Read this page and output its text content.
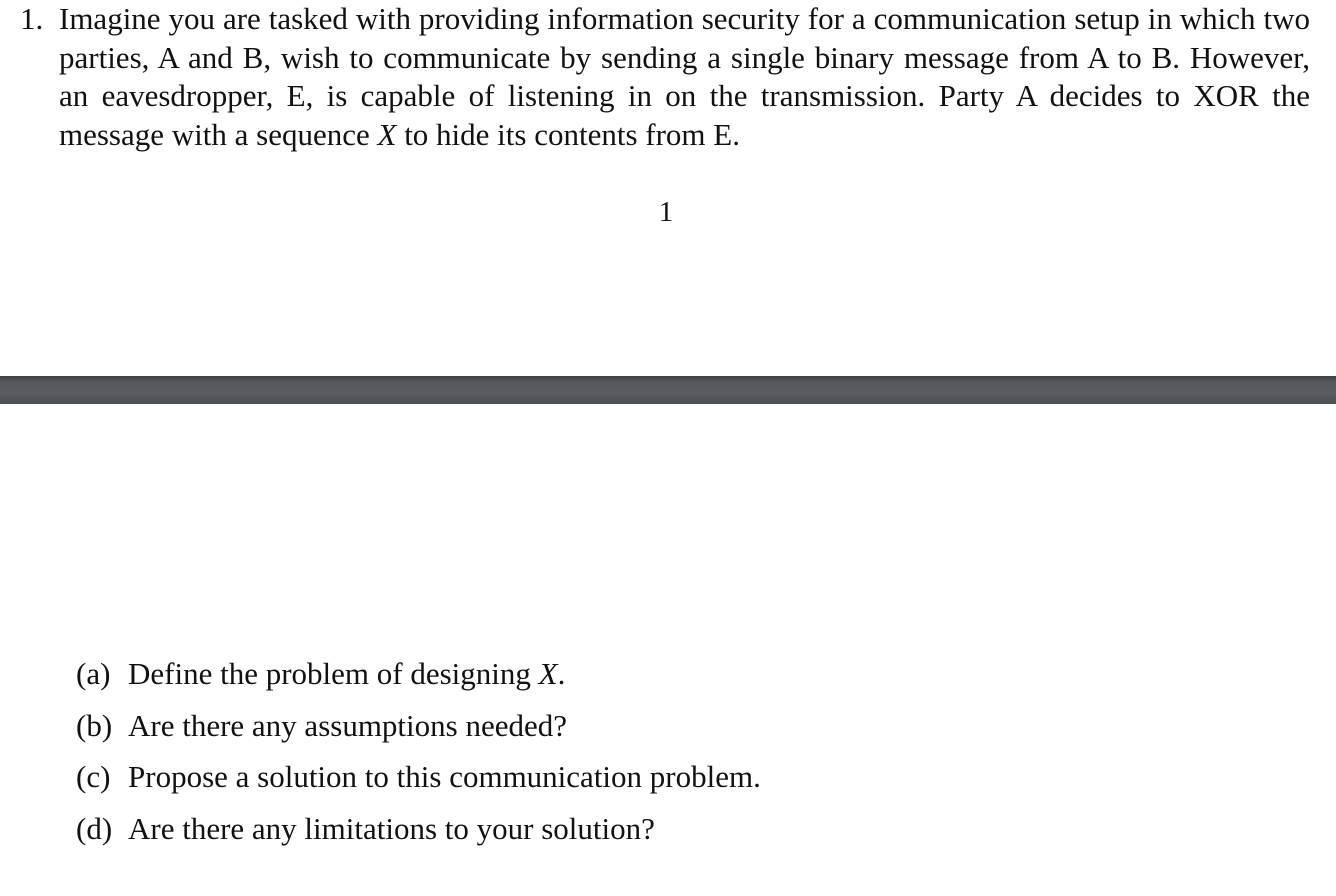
1. Imagine you are tasked with providing information security for a communication setup in which two parties, A and B, wish to communicate by sending a single binary message from A to B. However, an eavesdropper, E, is capable of listening in on the transmission. Party A decides to XOR the message with a sequence X to hide its contents from E.
1
(a) Define the problem of designing X.
(b) Are there any assumptions needed?
(c) Propose a solution to this communication problem.
(d) Are there any limitations to your solution?
